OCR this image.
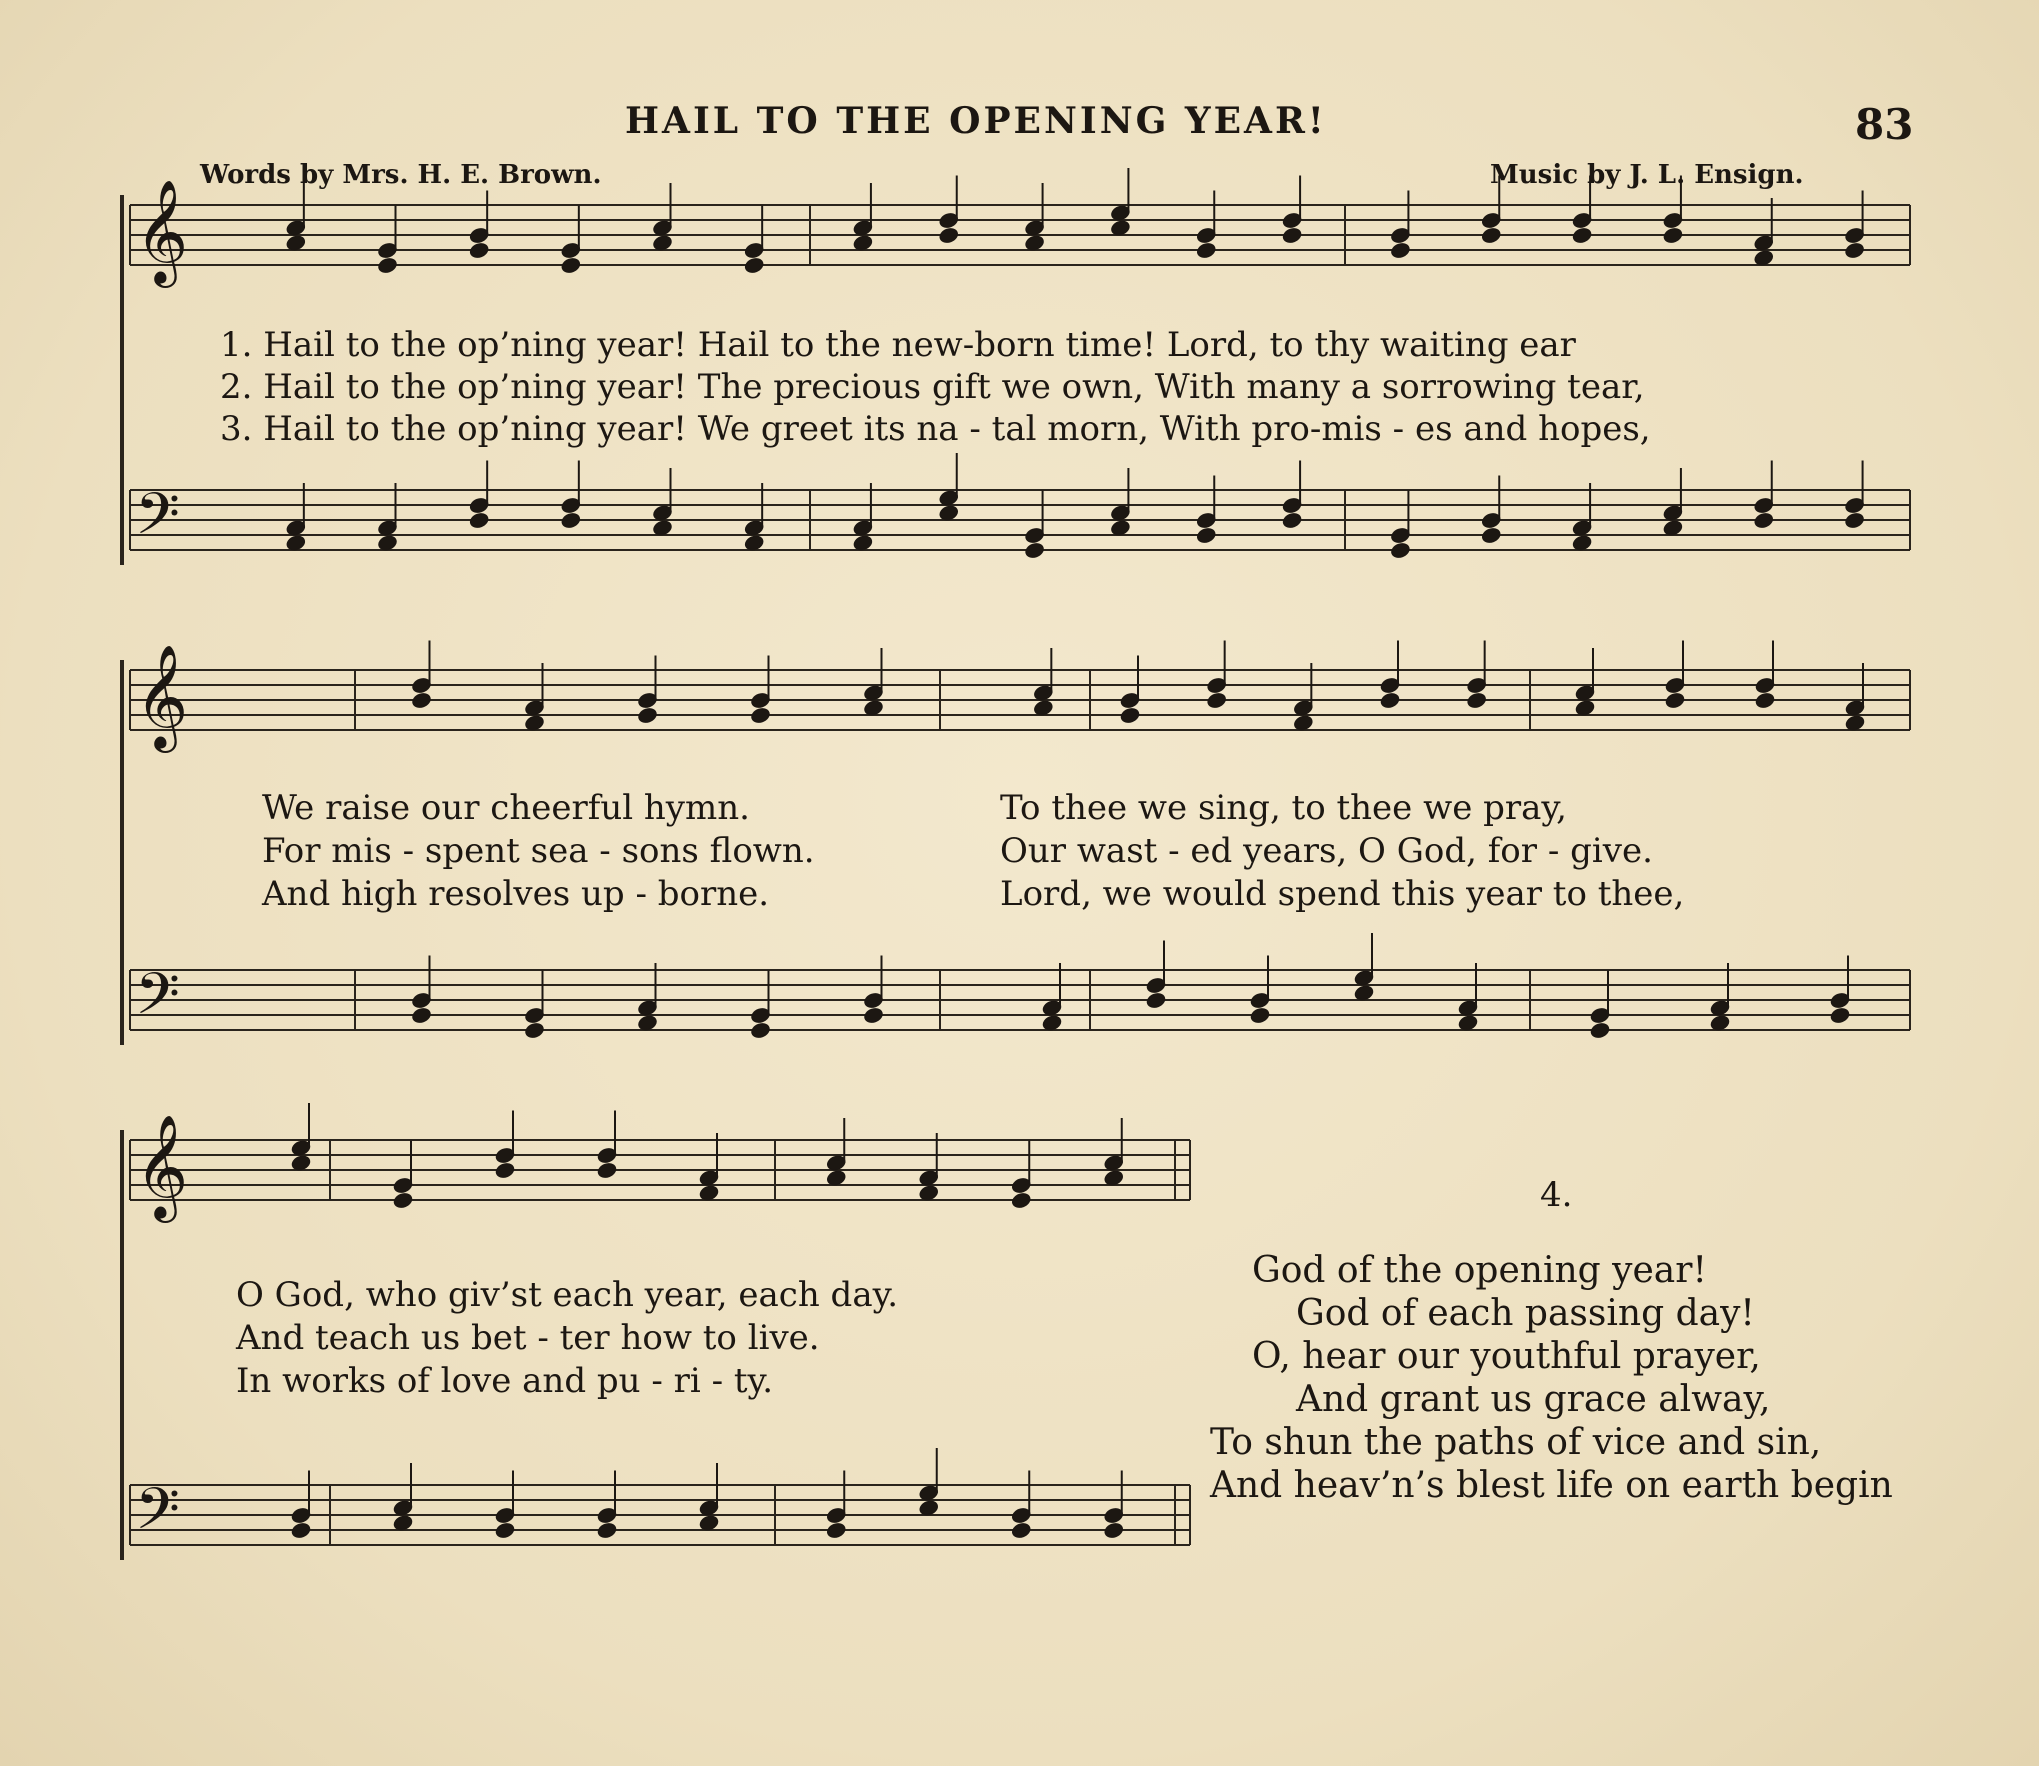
𝄞
𝄢
𝄞
𝄢
𝄞
𝄢
HAIL TO THE OPENING YEAR!	83
Words by Mrs. H. E. Brown.	Music by J. L. Ensign.
1. Hail to the op’ning year! Hail to the new-born time! Lord, to thy waiting ear
2. Hail to the op’ning year! The precious gift we own, With many a sorrowing tear,
3. Hail to the op’ning year! We greet its na - tal morn, With pro-mis - es and hopes,
We raise our cheerful hymn.
For mis - spent sea - sons flown.
And high resolves up - borne.
To thee we sing, to thee we pray,
Our wast - ed years, O God, for - give.
Lord, we would spend this year to thee,
O God, who giv’st each year, each day.
And teach us bet - ter how to live.
In works of love and pu - ri - ty.
4.
God of the opening year!
God of each passing day!
O, hear our youthful prayer,
And grant us grace alway,
To shun the paths of vice and sin,
And heav’n’s blest life on earth begin
